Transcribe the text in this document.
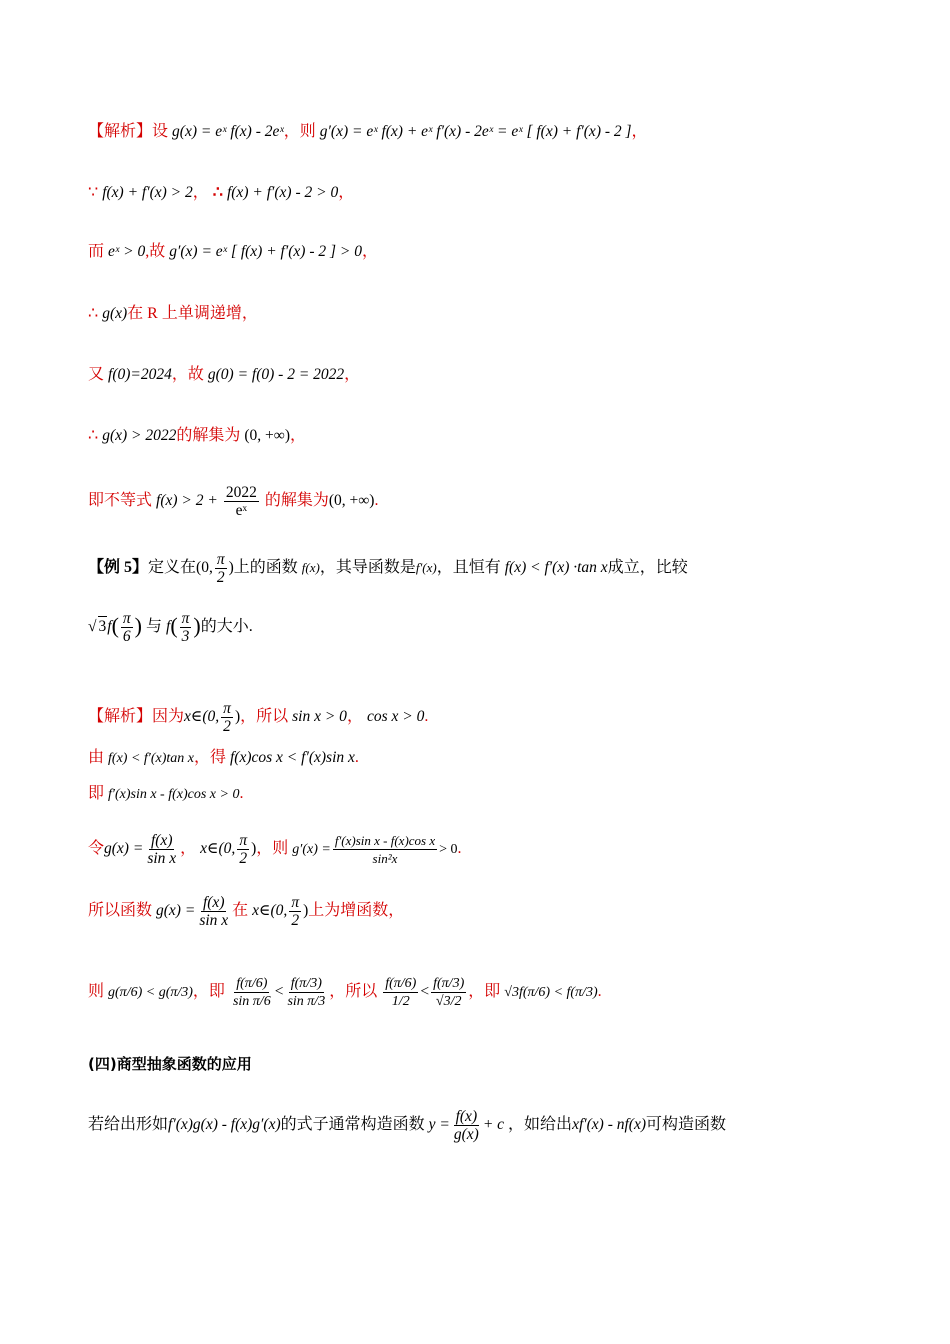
【解析】设 g(x) = eˣ f(x) - 2eˣ，则 g′(x) = eˣ f(x) + eˣ f′(x) - 2eˣ = eˣ [ f(x) + f′(x) - 2 ]，
∵ f(x) + f′(x) > 2， ∴ f(x) + f′(x) - 2 > 0，
而 eˣ > 0,故 g′(x) = eˣ [ f(x) + f′(x) - 2 ] > 0，
∴ g(x)在 R 上单调递增，
又 f(0)=2024，故 g(0) = f(0) - 2 = 2022，
∴ g(x) > 2022的解集为 (0, +∞)，
即不等式 $f(x) > 2 + \frac{2022}{\text{eˣ}}$ 的解集为(0, +∞).
【例 5】定义在(0, $\frac{\pi}{2}$ )上的函数 f(x)，其导函数是f′(x)，且恒有 f(x) < f′(x) ·tan x成立，比较
√ $3f( \frac{\pi}{6}$ ) 与 $f( \frac{\pi}{3}$ )的大小.
【解析】因为x∈(0, $\frac{\pi}{2}$ )，所以 sin x > 0， cos x > 0.
由 f(x) < f′(x)tan x，得 f(x)cos x < f′(x)sin x.
即 f′(x)sin x - f(x)cos x > 0.
令$g(x) = \frac{f(x)}{\text{sin x}}$ ， x∈(0, $\frac{\pi}{2}$ )，则 $g'(x) = \frac{\text{f′(x)sin x - f(x)cos x}}{\text{sin²x}} > 0$.
所以函数 $g(x) = \frac{f(x)}{\text{sin x}}$ 在 x∈(0, $\frac{\pi}{2}$ )上为增函数，
则 g(π/6) < g(π/3)，即 $\frac{f(\pi/6)}{\text{sin π/6}} < \frac{f(\pi/3)}{\text{sin π/3}}$ ，所以 $\frac{f(\pi/6)}{1/2} < \frac{f(\pi/3)}{√3/2}$ ，即 √3f(π/6) < f(π/3).
(四)商型抽象函数的应用
若给出形如f′(x)g(x) - f(x)g′(x)的式子通常构造函数 $y = \frac{f(x)}{g(x)} + c$ ，如给出xf′(x) - nf(x)可构造函数
